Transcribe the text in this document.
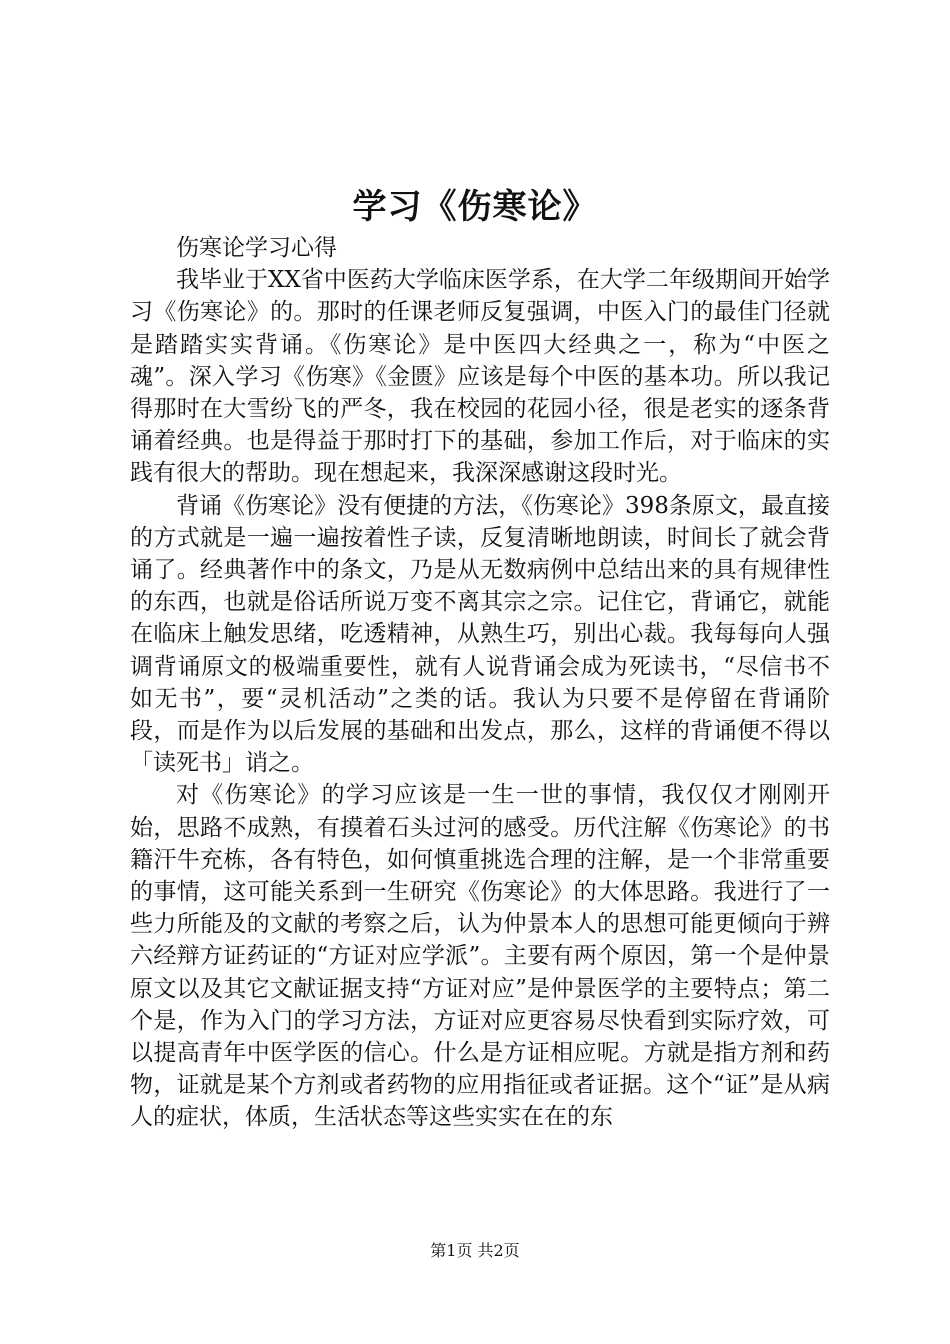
学习《伤寒论》

伤寒论学习心得

我毕业于XX省中医药大学临床医学系，在大学二年级期间开始学习《伤寒论》的。那时的任课老师反复强调，中医入门的最佳门径就是踏踏实实背诵。《伤寒论》是中医四大经典之一，称为“中医之魂”。深入学习《伤寒》《金匮》应该是每个中医的基本功。所以我记得那时在大雪纷飞的严冬，我在校园的花园小径，很是老实的逐条背诵着经典。也是得益于那时打下的基础，参加工作后，对于临床的实践有很大的帮助。现在想起来，我深深感谢这段时光。

背诵《伤寒论》没有便捷的方法，《伤寒论》398条原文，最直接的方式就是一遍一遍按着性子读，反复清晰地朗读，时间长了就会背诵了。经典著作中的条文，乃是从无数病例中总结出来的具有规律性的东西，也就是俗话所说万变不离其宗之宗。记住它，背诵它，就能在临床上触发思绪，吃透精神，从熟生巧，别出心裁。我每每向人强调背诵原文的极端重要性，就有人说背诵会成为死读书，“尽信书不如无书”，要“灵机活动”之类的话。我认为只要不是停留在背诵阶段，而是作为以后发展的基础和出发点，那么，这样的背诵便不得以「读死书」诮之。

对《伤寒论》的学习应该是一生一世的事情，我仅仅才刚刚开始，思路不成熟，有摸着石头过河的感受。历代注解《伤寒论》的书籍汗牛充栋，各有特色，如何慎重挑选合理的注解，是一个非常重要的事情，这可能关系到一生研究《伤寒论》的大体思路。我进行了一些力所能及的文献的考察之后，认为仲景本人的思想可能更倾向于辨六经辩方证药证的“方证对应学派”。主要有两个原因，第一个是仲景原文以及其它文献证据支持“方证对应”是仲景医学的主要特点；第二个是，作为入门的学习方法，方证对应更容易尽快看到实际疗效，可以提高青年中医学医的信心。什么是方证相应呢。方就是指方剂和药物，证就是某个方剂或者药物的应用指征或者证据。这个“证”是从病人的症状，体质，生活状态等这些实实在在的东

第1页 共2页
